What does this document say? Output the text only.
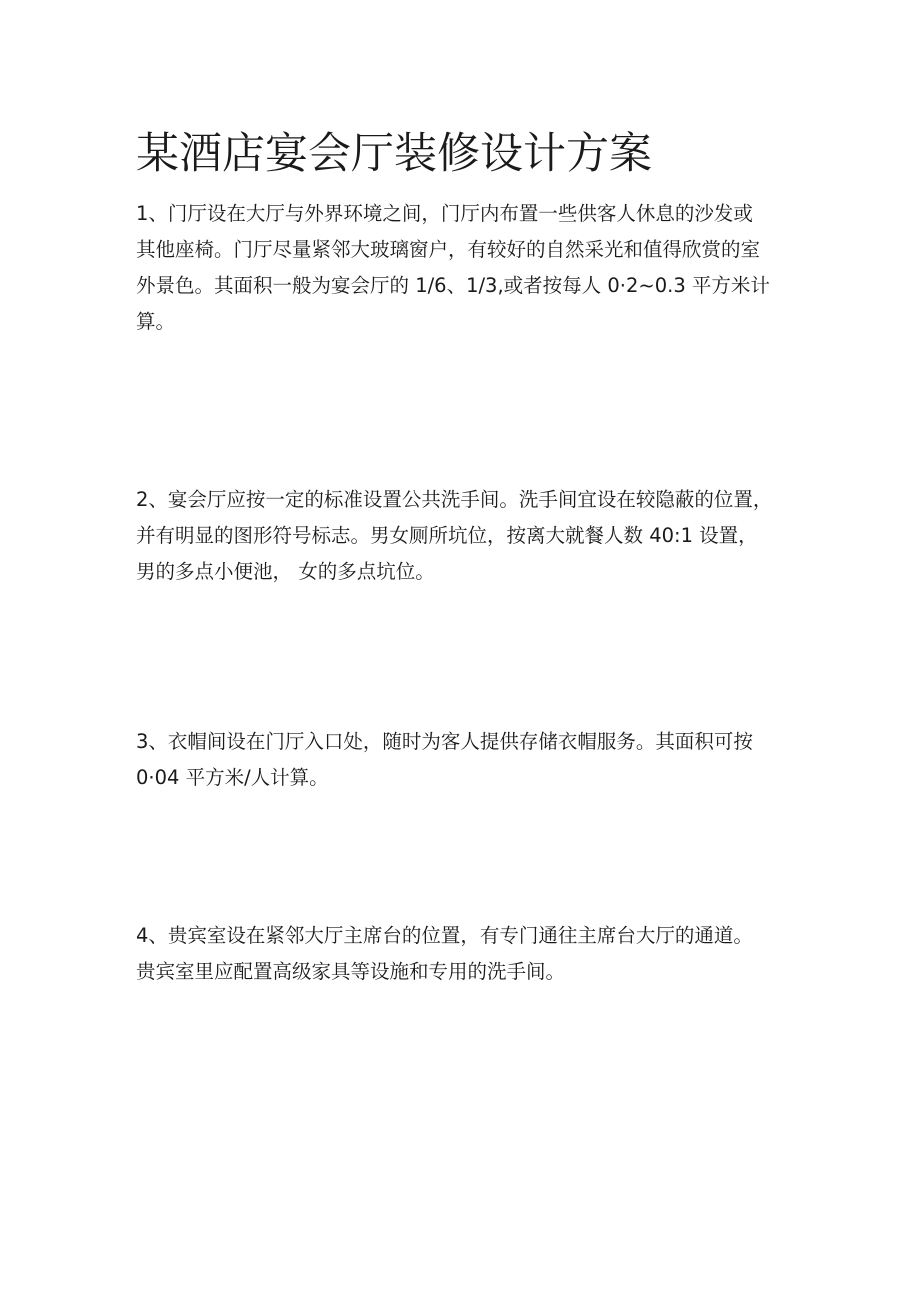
某酒店宴会厅装修设计方案
1、门厅设在大厅与外界环境之间，门厅内布置一些供客人休息的沙发或
其他座椅。门厅尽量紧邻大玻璃窗户，有较好的自然采光和值得欣赏的室
外景色。其面积一般为宴会厅的 1/6、1/3,或者按每人 0·2~0.3 平方米计
算。
2、宴会厅应按一定的标准设置公共洗手间。洗手间宜设在较隐蔽的位置，
并有明显的图形符号标志。男女厕所坑位，按离大就餐人数 40:1 设置，
男的多点小便池， 女的多点坑位。
3、衣帽间设在门厅入口处，随时为客人提供存储衣帽服务。其面积可按
0·04 平方米/人计算。
4、贵宾室设在紧邻大厅主席台的位置，有专门通往主席台大厅的通道。
贵宾室里应配置高级家具等设施和专用的洗手间。
